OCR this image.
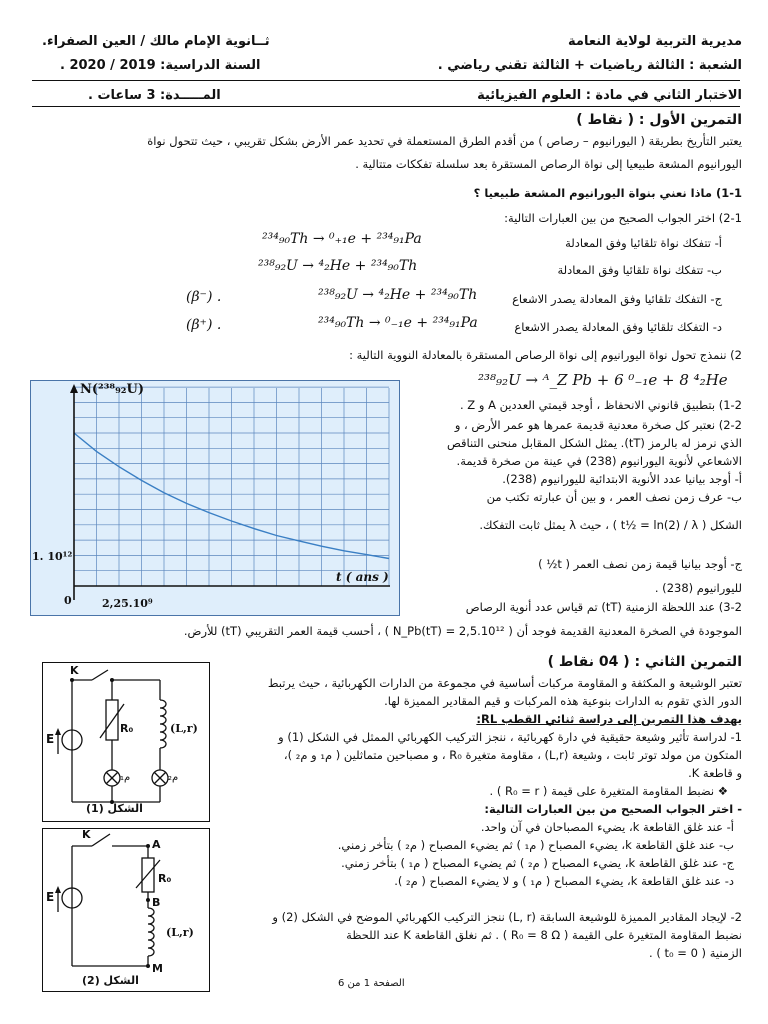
مديرية التربية لولاية النعامة
ثــانوية الإمام مالك / العين الصفراء.
الشعبة : الثالثة رياضيات + الثالثة تقني رياضي .
السنة الدراسية: 2019 / 2020 .
الاختبار الثاني في مادة : العلوم الفيزيائية
المـــــدة: 3 ساعات .
التمرين الأول : ( نقاط )
يعتبر التأريخ بطريقة ( اليورانيوم – رصاص ) من أقدم الطرق المستعملة في تحديد عمر الأرض بشكل تقريبي ، حيث تتحول نواة
اليورانيوم المشعة طبيعيا إلى نواة الرصاص المستقرة بعد سلسلة تفككات متتالية .
1-1) ماذا نعني بنواة اليورانيوم المشعة طبيعيا ؟
2-1) اختر الجواب الصحيح من بين العبارات التالية:
أ- تتفكك نواة تلقائيا وفق المعادلة
²³⁴₉₀Th → ⁰₊₁e + ²³⁴₉₁Pa
ب- تتفكك نواة تلقائيا وفق المعادلة
²³⁸₉₂U → ⁴₂He + ²³⁴₉₀Th
ج- التفكك تلقائيا وفق المعادلة يصدر الاشعاع
²³⁸₉₂U → ⁴₂He + ²³⁴₉₀Th
(β⁻) .
د- التفكك تلقائيا وفق المعادلة يصدر الاشعاع
²³⁴₉₀Th → ⁰₋₁e + ²³⁴₉₁Pa
(β⁺) .
2) ننمذج تحول نواة اليورانيوم إلى نواة الرصاص المستقرة بالمعادلة النووية التالية :
²³⁸₉₂U → ᴬ_Z Pb + 6 ⁰₋₁e + 8 ⁴₂He
1-2) بتطبيق قانوني الانحفاظ ، أوجد قيمتي العددين A و Z .
2-2) نعتبر كل صخرة معدنية قديمة عمرها هو عمر الأرض ، و
الذي نرمز له بالرمز (tT). يمثل الشكل المقابل منحنى التناقص
الاشعاعي لأنوية اليورانيوم (238) في عينة من صخرة قديمة.
أ- أوجد بيانيا عدد الأنوية الابتدائية لليورانيوم (238).
ب- عرف زمن نصف العمر ، و بين أن عبارته تكتب من
الشكل ( t½ = ln(2) / λ ) ، حيث λ يمثل ثابت التفكك.
ج- أوجد بيانيا قيمة زمن نصف العمر ( t½ )
لليورانيوم (238) .
3-2) عند اللحظة الزمنية (tT) تم قياس عدد أنوية الرصاص
الموجودة في الصخرة المعدنية القديمة فوجد أن ( N_Pb(tT) = 2,5.10¹² ) ، أحسب قيمة العمر التقريبي (tT) للأرض.
N(²³⁸₉₂U)
t ( ans )
1. 10¹²
2,25.10⁹
0
التمرين الثاني : ( 04 نقاط )
تعتبر الوشيعة و المكثفة و المقاومة مركبات أساسية في مجموعة من الدارات الكهربائية ، حيث يرتبط
الدور الذي تقوم به الدارات بنوعية هذه المركبات و قيم المقادير المميزة لها.
يهدف هذا التمرين إلى دراسة ثنائي القطب RL:
1- لدراسة تأثير وشيعة حقيقية في دارة كهربائية ، ننجز التركيب الكهربائي الممثل في الشكل (1) و
المتكون من مولد توتر ثابت ، وشيعة (L,r) ، مقاومة متغيرة R₀ ، و مصباحين متماثلين ( م₁ و م₂ )،
و قاطعة K.
❖ نضبط المقاومة المتغيرة على قيمة ( R₀ = r ) .
- اختر الجواب الصحيح من بين العبارات التالية:
أ- عند غلق القاطعة k، يضيء المصباحان في آن واحد.
ب- عند غلق القاطعة k، يضيء المصباح ( م₁ ) ثم يضيء المصباح ( م₂ ) بتأخر زمني.
ج- عند غلق القاطعة k، يضيء المصباح ( م₂ ) ثم يضيء المصباح ( م₁ ) بتأخر زمني.
د- عند غلق القاطعة k، يضيء المصباح ( م₁ ) و لا يضيء المصباح ( م₂ ).
2- لإيجاد المقادير المميزة للوشيعة السابقة (L, r) ننجز التركيب الكهربائي الموضح في الشكل (2) و
نضبط المقاومة المتغيرة على القيمة ( R₀ = 8 Ω ) . ثم نغلق القاطعة K عند اللحظة
الزمنية ( t₀ = 0 ) .
K
E
R₀	(L,r)
م₁	م₂
الشكل (1)
K
E
A
R₀
B
(L,r)
M
الشكل (2)	الصفحة 1 من 6
